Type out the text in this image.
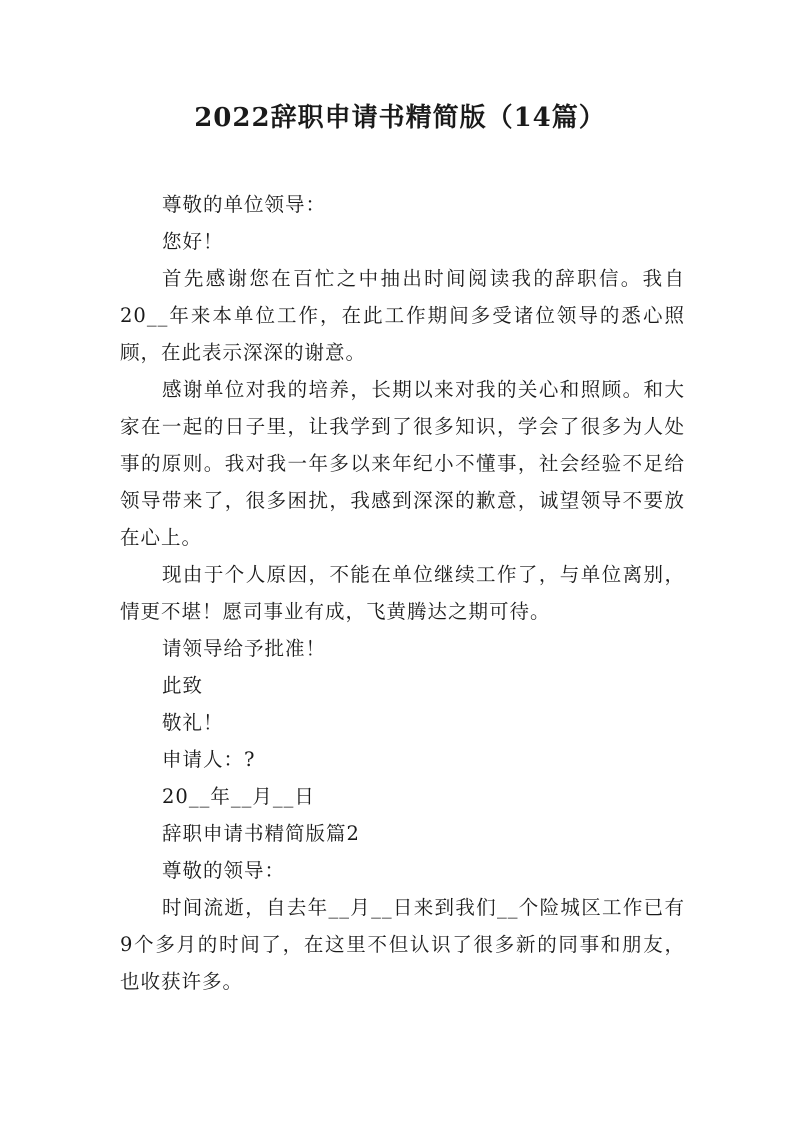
2022辞职申请书精简版（14篇）

尊敬的单位领导：

您好！

首先感谢您在百忙之中抽出时间阅读我的辞职信。我自20__年来本单位工作，在此工作期间多受诸位领导的悉心照顾，在此表示深深的谢意。

感谢单位对我的培养，长期以来对我的关心和照顾。和大家在一起的日子里，让我学到了很多知识，学会了很多为人处事的原则。我对我一年多以来年纪小不懂事，社会经验不足给领导带来了，很多困扰，我感到深深的歉意，诚望领导不要放在心上。

现由于个人原因，不能在单位继续工作了，与单位离别，情更不堪！愿司事业有成，飞黄腾达之期可待。

请领导给予批准！

此致

敬礼！

申请人：?

20__年__月__日

辞职申请书精简版篇2

尊敬的领导：

时间流逝，自去年__月__日来到我们__个险城区工作已有9个多月的时间了，在这里不但认识了很多新的同事和朋友，也收获许多。
